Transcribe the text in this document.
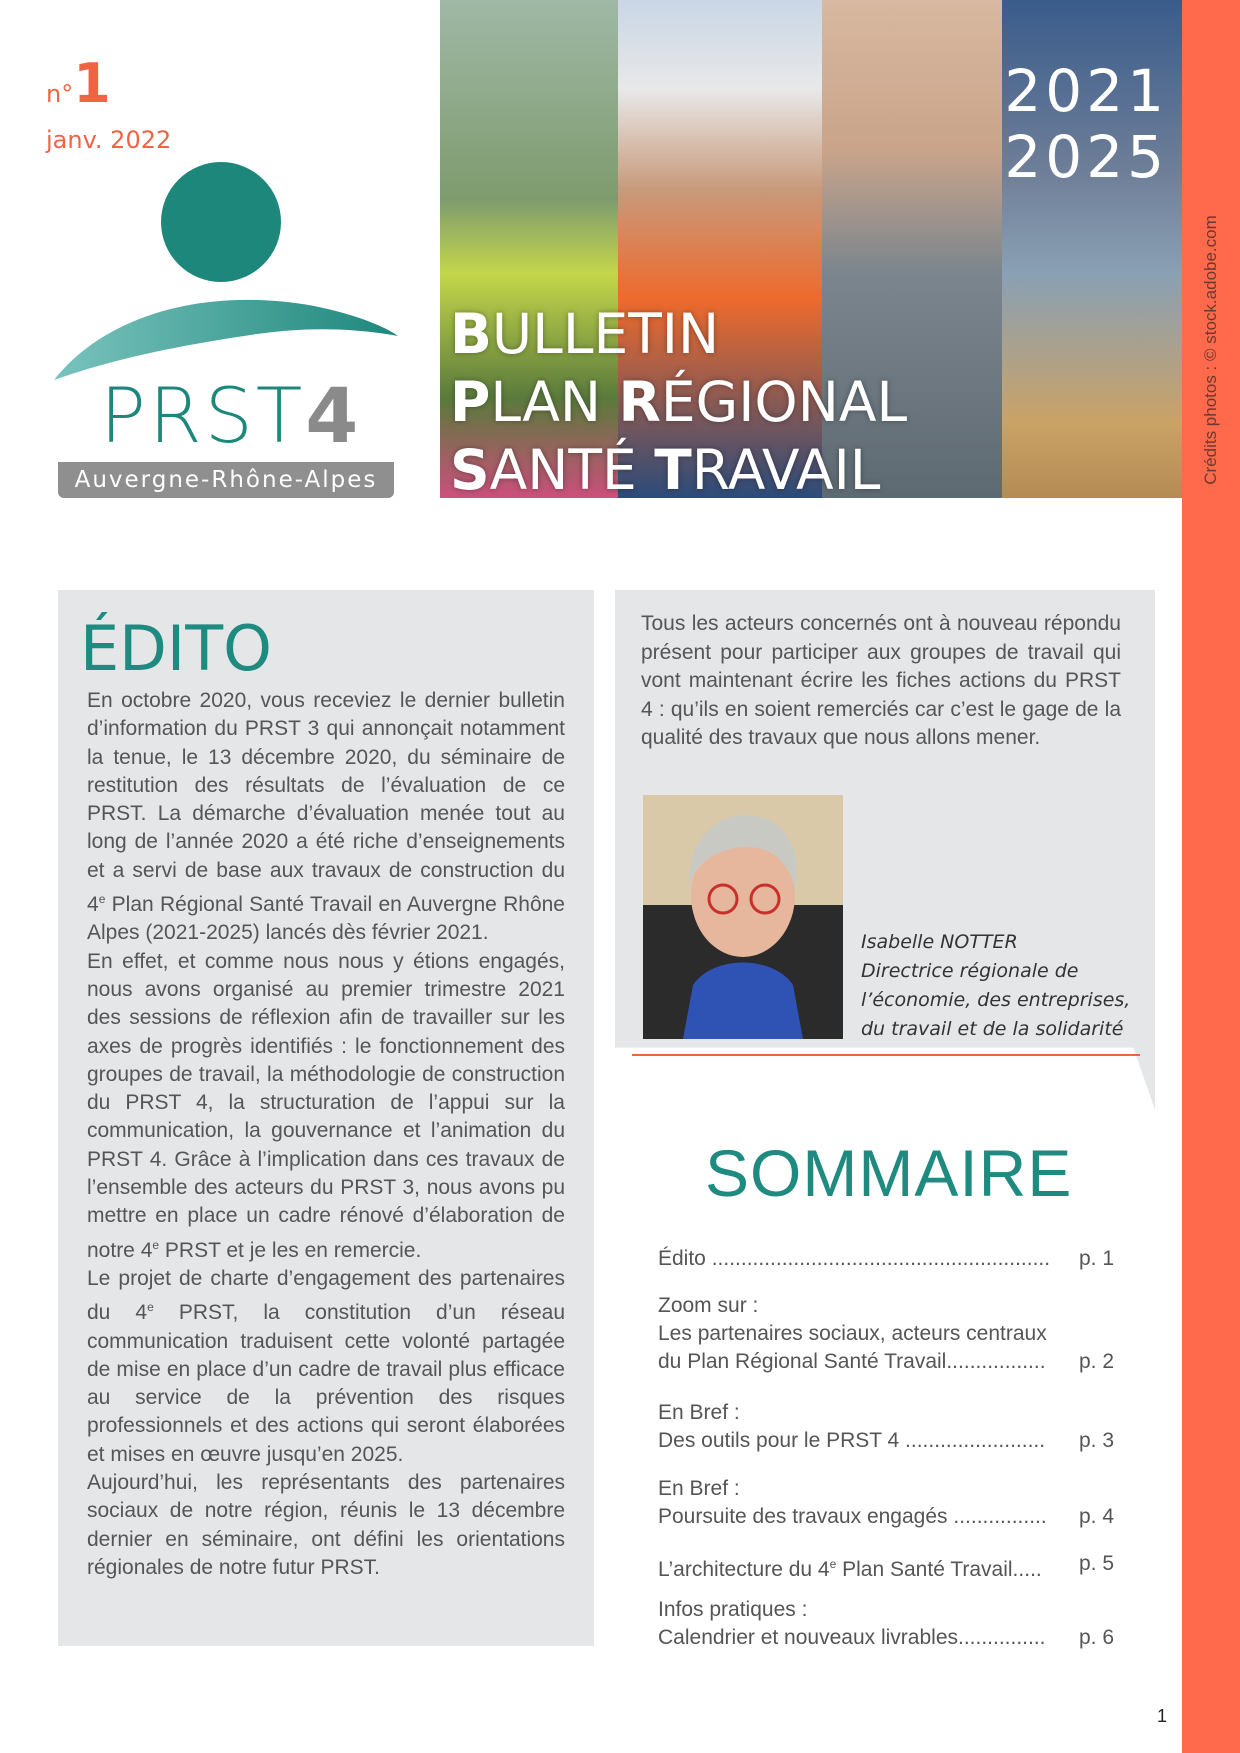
Crédits photos : © stock.adobe.com
n°1
janv. 2022
PRST4
Auvergne-Rhône-Alpes
2021
2025
BULLETIN
PLAN RÉGIONAL
SANTÉ TRAVAIL
ÉDITO

En octobre 2020, vous receviez le dernier bulletin d’information du PRST 3 qui annonçait notamment la tenue, le 13 décembre 2020, du séminaire de restitution des résultats de l’évaluation de ce PRST. La démarche d’évaluation menée tout au long de l’année 2020 a été riche d’enseignements et a servi de base aux travaux de construction du 4e Plan Régional Santé Travail en Auvergne Rhône Alpes (2021-2025) lancés dès février 2021.

En effet, et comme nous nous y étions engagés, nous avons organisé au premier trimestre 2021 des sessions de réflexion afin de travailler sur les axes de progrès identifiés : le fonctionnement des groupes de travail, la méthodologie de construction du PRST 4, la structuration de l’appui sur la communication, la gouvernance et l’animation du PRST 4. Grâce à l’implication dans ces travaux de l’ensemble des acteurs du PRST 3, nous avons pu mettre en place un cadre rénové d’élaboration de notre 4e PRST et je les en remercie.

Le projet de charte d’engagement des partenaires du 4e PRST, la constitution d’un réseau communication traduisent cette volonté partagée de mise en place d’un cadre de travail plus efficace au service de la prévention des risques professionnels et des actions qui seront élaborées et mises en œuvre jusqu’en 2025.

Aujourd’hui, les représentants des partenaires sociaux de notre région, réunis le 13 décembre dernier en séminaire, ont défini les orientations régionales de notre futur PRST.

Tous les acteurs concernés ont à nouveau répondu présent pour participer aux groupes de travail qui vont maintenant écrire les fiches actions du PRST 4 : qu’ils en soient remerciés car c’est le gage de la qualité des travaux que nous allons mener.
Isabelle NOTTER
Directrice régionale de
l’économie, des entreprises,
du travail et de la solidarité
SOMMAIRE
Édito .......................................................... p. 1
Zoom sur :
Les partenaires sociaux, acteurs centraux
du Plan Régional Santé Travail................. p. 2
En Bref :
Des outils pour le PRST 4 ........................ p. 3
En Bref :
Poursuite des travaux engagés ................ p. 4
L’architecture du 4e Plan Santé Travail..... p. 5
Infos pratiques :
Calendrier et nouveaux livrables............... p. 6
1
